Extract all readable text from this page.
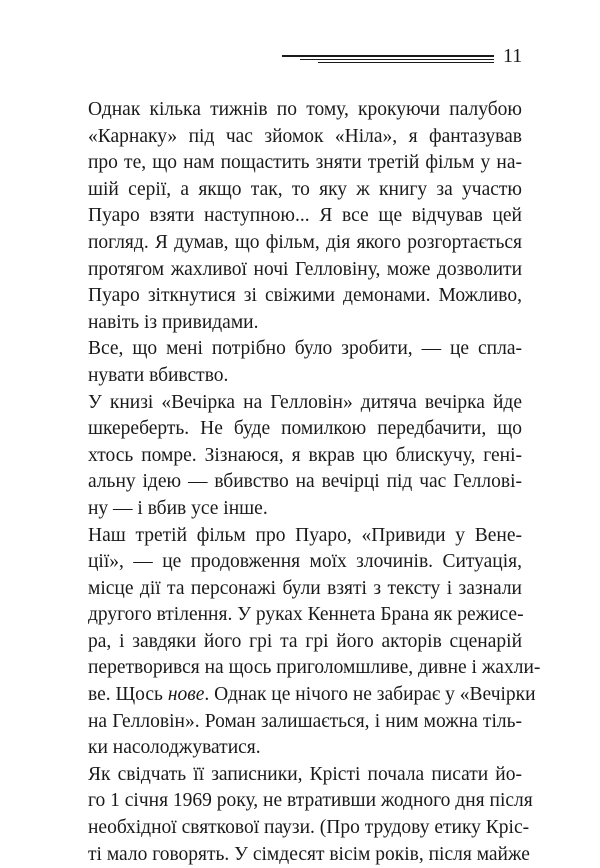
11
Однак кілька тижнів по тому, крокуючи палубою
«Карнаку» під час зйомок «Ніла», я фантазував
про те, що нам пощастить зняти третій фільм у на-
шій серії, а якщо так, то яку ж книгу за участю
Пуаро взяти наступною... Я все ще відчував цей
погляд. Я думав, що фільм, дія якого розгортається
протягом жахливої ночі Гелловіну, може дозволити
Пуаро зіткнутися зі свіжими демонами. Можливо,
навіть із привидами.
Все, що мені потрібно було зробити, — це спла-
нувати вбивство.
У книзі «Вечірка на Гелловін» дитяча вечірка йде
шкереберть. Не буде помилкою передбачити, що
хтось помре. Зізнаюся, я вкрав цю блискучу, гені-
альну ідею — вбивство на вечірці під час Гелловi-
ну — і вбив усе інше.
Наш третій фільм про Пуаро, «Привиди у Вене-
ції», — це продовження моїх злочинів. Ситуація,
місце дії та персонажі були взяті з тексту і зазнали
другого втілення. У руках Кеннета Брана як режисе-
ра, і завдяки його грі та грі його акторів сценарій
перетворився на щось приголомшливе, дивне і жахли-
ве. Щось нове. Однак це нічого не забирає у «Вечірки
на Гелловін». Роман залишається, і ним можна тіль-
ки насолоджуватися.
Як свідчать її записники, Крісті почала писати йо-
го 1 січня 1969 року, не втративши жодного дня після
необхідної святкової паузи. (Про трудову етику Кріс-
ті мало говорять. У сімдесят вісім років, після майже
